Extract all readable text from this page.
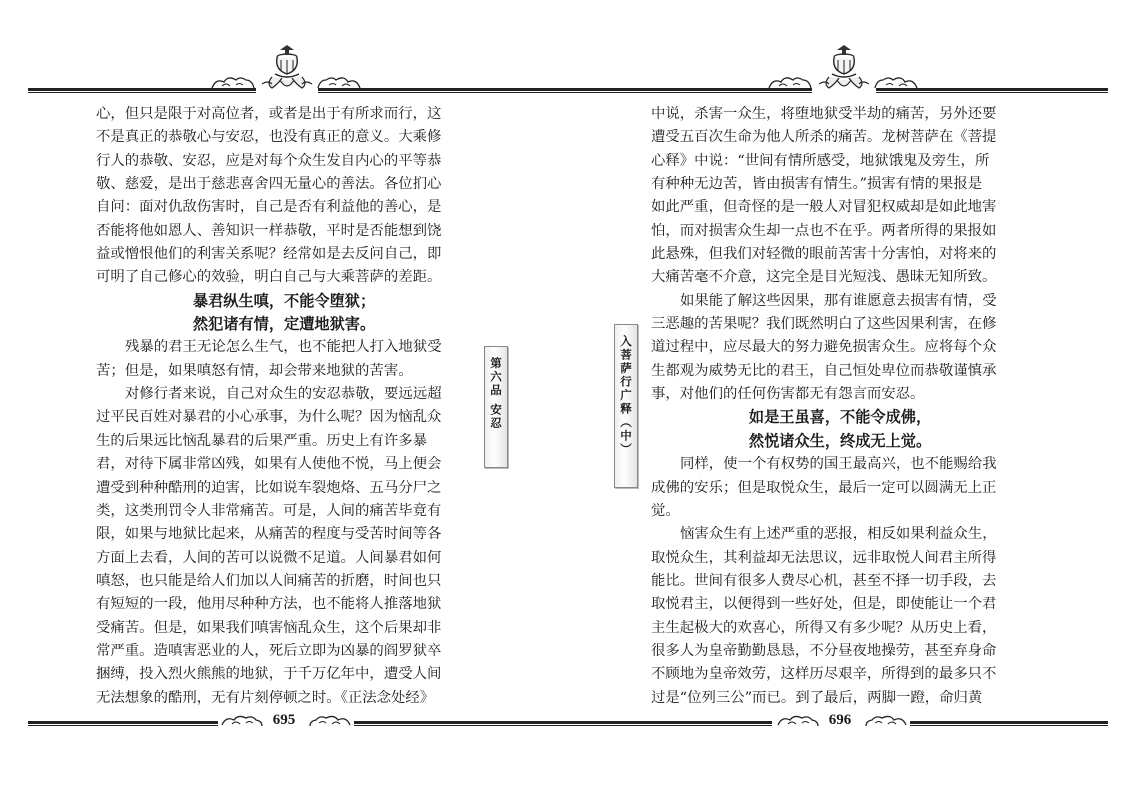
心，但只是限于对高位者，或者是出于有所求而行，这

不是真正的恭敬心与安忍，也没有真正的意义。大乘修

行人的恭敬、安忍，应是对每个众生发自内心的平等恭

敬、慈爱，是出于慈悲喜舍四无量心的善法。各位扪心

自问：面对仇敌伤害时，自己是否有利益他的善心，是

否能将他如恩人、善知识一样恭敬，平时是否能想到饶

益或憎恨他们的利害关系呢？经常如是去反问自己，即

可明了自己修心的效验，明白自己与大乘菩萨的差距。

暴君纵生嗔，不能令堕狱；

然犯诸有情，定遭地狱害。

残暴的君王无论怎么生气，也不能把人打入地狱受

苦；但是，如果嗔怒有情，却会带来地狱的苦害。

对修行者来说，自己对众生的安忍恭敬，要远远超

过平民百姓对暴君的小心承事，为什么呢？因为恼乱众

生的后果远比恼乱暴君的后果严重。历史上有许多暴

君，对待下属非常凶残，如果有人使他不悦，马上便会

遭受到种种酷刑的迫害，比如说车裂炮烙、五马分尸之

类，这类刑罚令人非常痛苦。可是，人间的痛苦毕竟有

限，如果与地狱比起来，从痛苦的程度与受苦时间等各

方面上去看，人间的苦可以说微不足道。人间暴君如何

嗔怒，也只能是给人们加以人间痛苦的折磨，时间也只

有短短的一段，他用尽种种方法，也不能将人推落地狱

受痛苦。但是，如果我们嗔害恼乱众生，这个后果却非

常严重。造嗔害恶业的人，死后立即为凶暴的阎罗狱卒

捆缚，投入烈火熊熊的地狱，于千万亿年中，遭受人间

无法想象的酷刑，无有片刻停顿之时。《正法念处经》

第六品 安忍
695
入菩萨行广释（中）

中说，杀害一众生，将堕地狱受半劫的痛苦，另外还要

遭受五百次生命为他人所杀的痛苦。龙树菩萨在《菩提

心释》中说：“世间有情所感受，地狱饿鬼及旁生，所

有种种无边苦，皆由损害有情生。”损害有情的果报是

如此严重，但奇怪的是一般人对冒犯权威却是如此地害

怕，而对损害众生却一点也不在乎。两者所得的果报如

此悬殊，但我们对轻微的眼前苦害十分害怕，对将来的

大痛苦毫不介意，这完全是目光短浅、愚昧无知所致。

如果能了解这些因果，那有谁愿意去损害有情，受

三恶趣的苦果呢？我们既然明白了这些因果利害，在修

道过程中，应尽最大的努力避免损害众生。应将每个众

生都观为威势无比的君王，自己恒处卑位而恭敬谨慎承

事，对他们的任何伤害都无有怨言而安忍。

如是王虽喜，不能令成佛，

然悦诸众生，终成无上觉。

同样，使一个有权势的国王最高兴，也不能赐给我

成佛的安乐；但是取悦众生，最后一定可以圆满无上正

觉。

恼害众生有上述严重的恶报，相反如果利益众生，

取悦众生，其利益却无法思议，远非取悦人间君主所得

能比。世间有很多人费尽心机，甚至不择一切手段，去

取悦君主，以便得到一些好处，但是，即使能让一个君

主生起极大的欢喜心，所得又有多少呢？从历史上看，

很多人为皇帝勤勤恳恳，不分昼夜地操劳，甚至弃身命

不顾地为皇帝效劳，这样历尽艰辛，所得到的最多只不

过是“位列三公”而已。到了最后，两脚一蹬，命归黄

696
